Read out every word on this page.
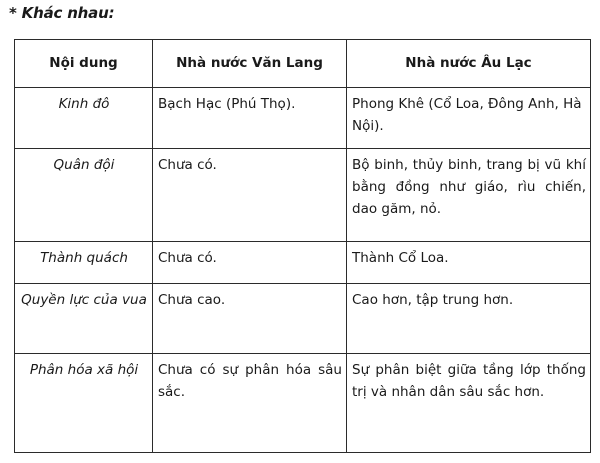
* Khác nhau:
Nội dung	Nhà nước Văn Lang	Nhà nước Âu Lạc
Kinh đô	Bạch Hạc (Phú Thọ).	Phong Khê (Cổ Loa, Đông Anh, Hà Nội).
Quân đội	Chưa có.	Bộ binh, thủy binh, trang bị vũ khí bằng đồng như giáo, rìu chiến, dao găm, nỏ.
Thành quách	Chưa có.	Thành Cổ Loa.
Quyền lực của vua	Chưa cao.	Cao hơn, tập trung hơn.
Phân hóa xã hội	Chưa có sự phân hóa sâu sắc.	Sự phân biệt giữa tầng lớp thống trị và nhân dân sâu sắc hơn.
